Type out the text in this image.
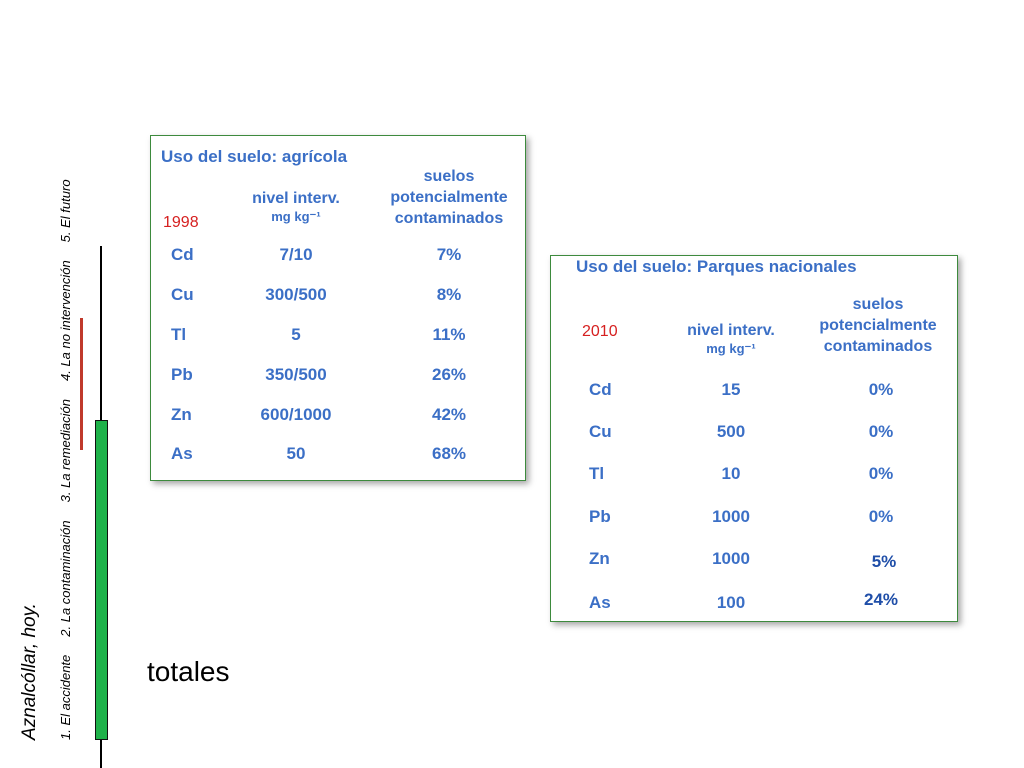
Aznalcóllar, hoy. 1. El accidente
2. La contaminación
3. La remediación
4. La no intervención
5. El futuro
totales
Uso del suelo: agrícola
nivel interv.
mg kg⁻¹
suelos
potencialmente
contaminados
1998
Cd	7/10	7%
Cu	300/500	8%
Tl	5	11%
Pb	350/500	26%
Zn	600/1000	42%
As	50	68%
Uso del suelo: Parques nacionales
nivel interv.
mg kg⁻¹
suelos
potencialmente
contaminados
2010
Cd	15	0%
Cu	500	0%
Tl	10	0%
Pb	1000	0%
Zn	1000	5%
As	100	24%
